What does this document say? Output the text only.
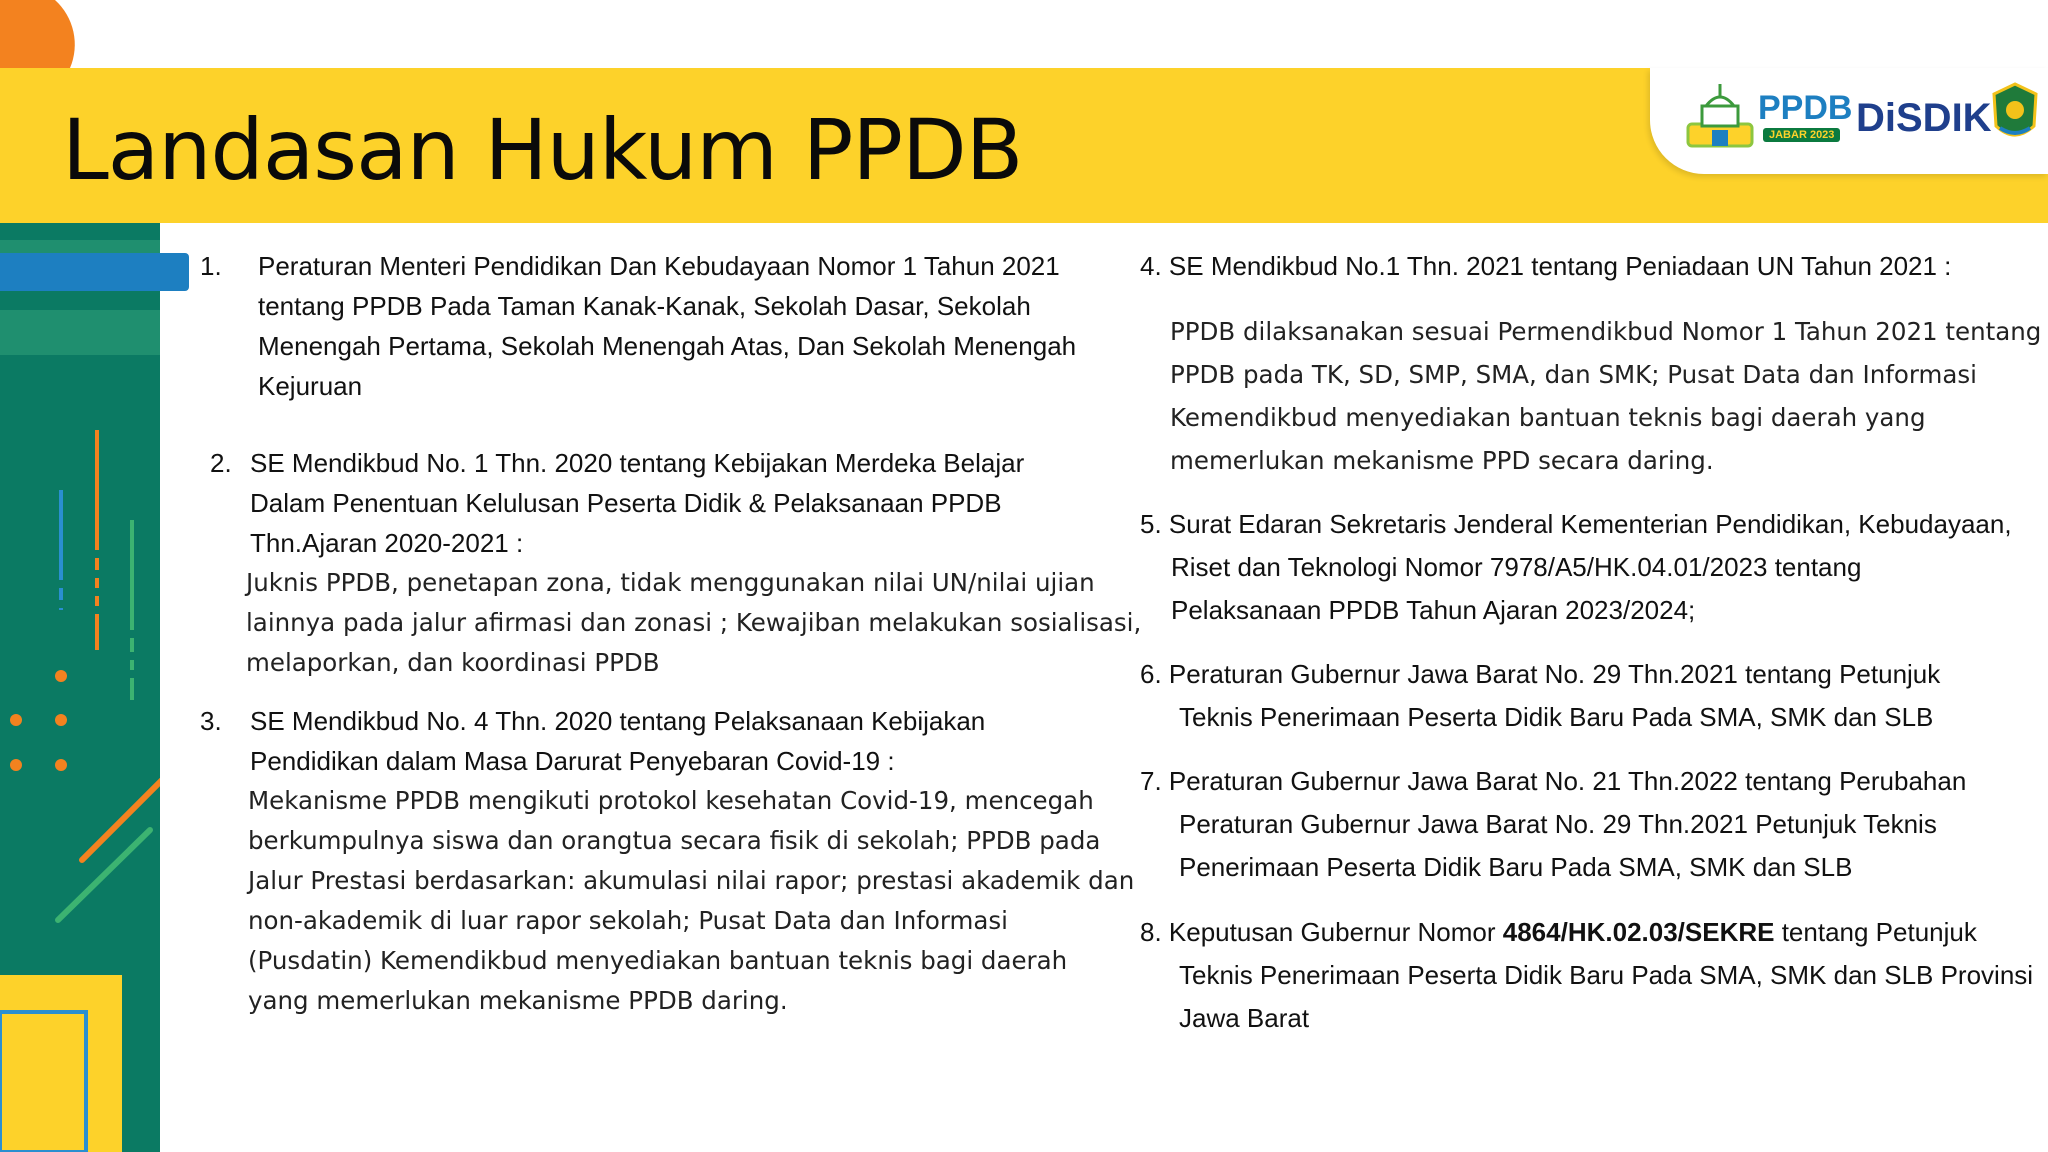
Landasan Hukum PPDB	PPDB
JABAR 2023 DiSDIK
1. Peraturan Menteri Pendidikan Dan Kebudayaan Nomor 1 Tahun 2021
tentang PPDB Pada Taman Kanak-Kanak, Sekolah Dasar, Sekolah
Menengah Pertama, Sekolah Menengah Atas, Dan Sekolah Menengah
Kejuruan
2. SE Mendikbud No. 1 Thn. 2020 tentang Kebijakan Merdeka Belajar
Dalam Penentuan Kelulusan Peserta Didik & Pelaksanaan PPDB
Thn.Ajaran 2020-2021 :
Juknis PPDB, penetapan zona, tidak menggunakan nilai UN/nilai ujian
lainnya pada jalur afirmasi dan zonasi ; Kewajiban melakukan sosialisasi,
melaporkan, dan koordinasi PPDB
3. SE Mendikbud No. 4 Thn. 2020 tentang Pelaksanaan Kebijakan
Pendidikan dalam Masa Darurat Penyebaran Covid-19 :
Mekanisme PPDB mengikuti protokol kesehatan Covid-19, mencegah
berkumpulnya siswa dan orangtua secara fisik di sekolah; PPDB pada
Jalur Prestasi berdasarkan: akumulasi nilai rapor; prestasi akademik dan
non-akademik di luar rapor sekolah; Pusat Data dan Informasi
(Pusdatin) Kemendikbud menyediakan bantuan teknis bagi daerah
yang memerlukan mekanisme PPDB daring.
4. SE Mendikbud No.1 Thn. 2021 tentang Peniadaan UN Tahun 2021 :
PPDB dilaksanakan sesuai Permendikbud Nomor 1 Tahun 2021 tentang
PPDB pada TK, SD, SMP, SMA, dan SMK; Pusat Data dan Informasi
Kemendikbud menyediakan bantuan teknis bagi daerah yang
memerlukan mekanisme PPD secara daring.
5. Surat Edaran Sekretaris Jenderal Kementerian Pendidikan, Kebudayaan,
Riset dan Teknologi Nomor 7978/A5/HK.04.01/2023 tentang
Pelaksanaan PPDB Tahun Ajaran 2023/2024;
6. Peraturan Gubernur Jawa Barat No. 29 Thn.2021 tentang Petunjuk
Teknis Penerimaan Peserta Didik Baru Pada SMA, SMK dan SLB
7. Peraturan Gubernur Jawa Barat No. 21 Thn.2022 tentang Perubahan
Peraturan Gubernur Jawa Barat No. 29 Thn.2021 Petunjuk Teknis
Penerimaan Peserta Didik Baru Pada SMA, SMK dan SLB
8. Keputusan Gubernur Nomor 4864/HK.02.03/SEKRE tentang Petunjuk
Teknis Penerimaan Peserta Didik Baru Pada SMA, SMK dan SLB Provinsi
Jawa Barat
